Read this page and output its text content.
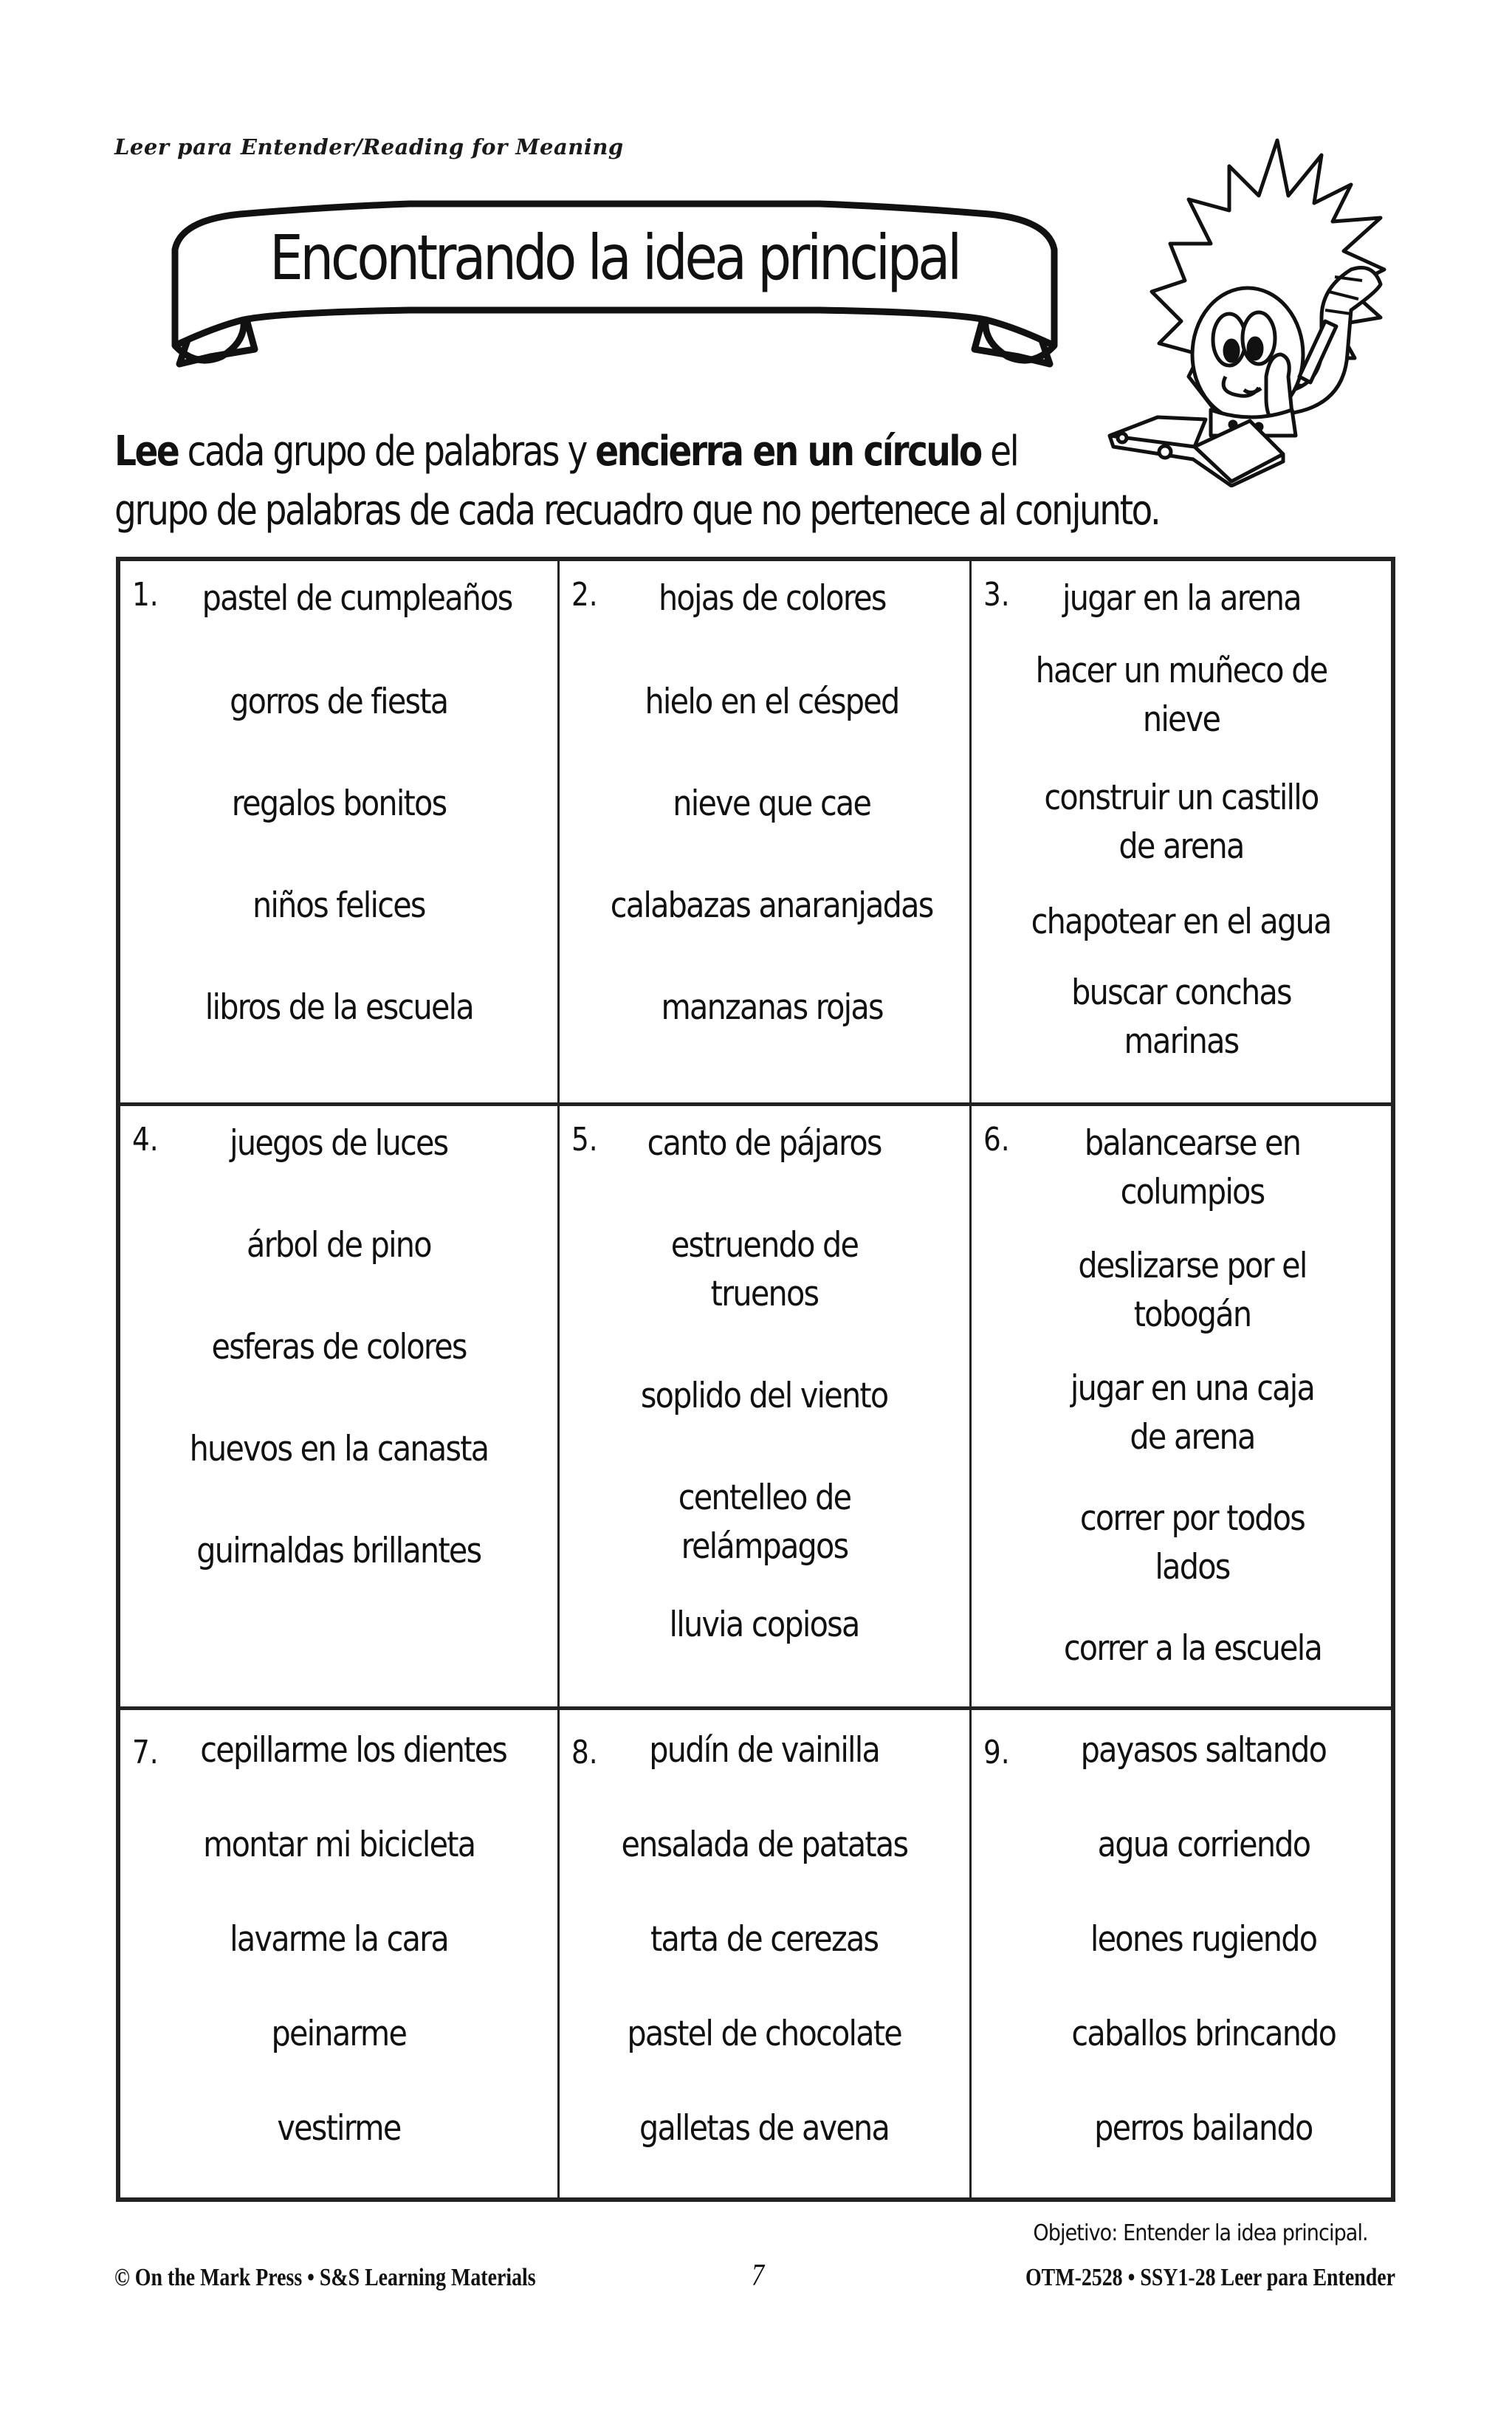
Leer para Entender/Reading for Meaning
Encontrando la idea principal
Lee cada grupo de palabras y encierra en un círculo el
grupo de palabras de cada recuadro que no pertenece al conjunto.
1.	pastel de cumpleaños
gorros de fiesta
regalos bonitos
niños felices
libros de la escuela
2.	hojas de colores
hielo en el césped
nieve que cae
calabazas anaranjadas
manzanas rojas
3.	jugar en la arena
hacer un muñeco de nieve
construir un castillo de arena
chapotear en el agua
buscar conchas marinas
4.	juegos de luces
árbol de pino
esferas de colores
huevos en la canasta
guirnaldas brillantes
5.	canto de pájaros
estruendo de truenos
soplido del viento
centelleo de relámpagos
lluvia copiosa
6.	balancearse en columpios
deslizarse por el tobogán
jugar en una caja de arena
correr por todos lados
correr a la escuela
7.	cepillarme los dientes
montar mi bicicleta
lavarme la cara
peinarme
vestirme
8.	pudín de vainilla
ensalada de patatas
tarta de cerezas
pastel de chocolate
galletas de avena
9.	payasos saltando
agua corriendo
leones rugiendo
caballos brincando
perros bailando
Objetivo: Entender la idea principal.
© On the Mark Press • S&S Learning Materials	7	OTM-2528 • SSY1-28 Leer para Entender
